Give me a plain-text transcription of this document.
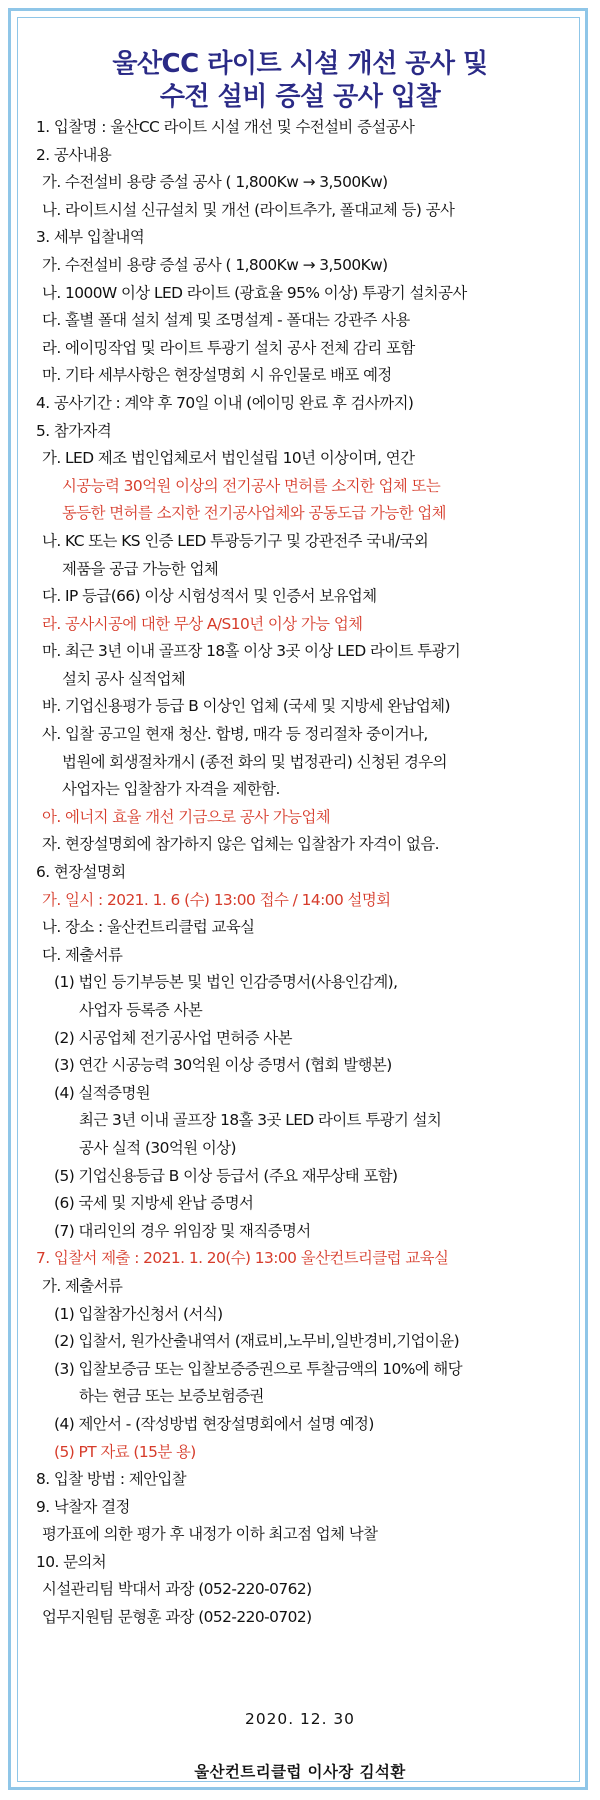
울산CC 라이트 시설 개선 공사 및
수전 설비 증설 공사 입찰
1. 입찰명 : 울산CC 라이트 시설 개선 및 수전설비 증설공사
2. 공사내용
가. 수전설비 용량 증설 공사 ( 1,800Kw → 3,500Kw)
나. 라이트시설 신규설치 및 개선 (라이트추가, 폴대교체 등) 공사
3. 세부 입찰내역
가. 수전설비 용량 증설 공사 ( 1,800Kw → 3,500Kw)
나. 1000W 이상 LED 라이트 (광효율 95% 이상) 투광기 설치공사
다. 홀별 폴대 설치 설계 및 조명설계 - 폴대는 강관주 사용
라. 에이밍작업 및 라이트 투광기 설치 공사 전체 감리 포함
마. 기타 세부사항은 현장설명회 시 유인물로 배포 예정
4. 공사기간 : 계약 후 70일 이내 (에이밍 완료 후 검사까지)
5. 참가자격
가. LED 제조 법인업체로서 법인설립 10년 이상이며, 연간
시공능력 30억원 이상의 전기공사 면허를 소지한 업체 또는
동등한 면허를 소지한 전기공사업체와 공동도급 가능한 업체
나. KC 또는 KS 인증 LED 투광등기구 및 강관전주 국내/국외
제품을 공급 가능한 업체
다. IP 등급(66) 이상 시험성적서 및 인증서 보유업체
라. 공사시공에 대한 무상 A/S10년 이상 가능 업체
마. 최근 3년 이내 골프장 18홀 이상 3곳 이상 LED 라이트 투광기
설치 공사 실적업체
바. 기업신용평가 등급 B 이상인 업체 (국세 및 지방세 완납업체)
사. 입찰 공고일 현재 청산. 합병, 매각 등 정리절차 중이거나,
법원에 회생절차개시 (종전 화의 및 법정관리) 신청된 경우의
사업자는 입찰참가 자격을 제한함.
아. 에너지 효율 개선 기금으로 공사 가능업체
자. 현장설명회에 참가하지 않은 업체는 입찰참가 자격이 없음.
6. 현장설명회
가. 일시 : 2021. 1. 6 (수) 13:00 접수 / 14:00 설명회
나. 장소 : 울산컨트리클럽 교육실
다. 제출서류
(1) 법인 등기부등본 및 법인 인감증명서(사용인감계),
사업자 등록증 사본
(2) 시공업체 전기공사업 면허증 사본
(3) 연간 시공능력 30억원 이상 증명서 (협회 발행본)
(4) 실적증명원
최근 3년 이내 골프장 18홀 3곳 LED 라이트 투광기 설치
공사 실적 (30억원 이상)
(5) 기업신용등급 B 이상 등급서 (주요 재무상태 포함)
(6) 국세 및 지방세 완납 증명서
(7) 대리인의 경우 위임장 및 재직증명서
7. 입찰서 제출 : 2021. 1. 20(수) 13:00 울산컨트리클럽 교육실
가. 제출서류
(1) 입찰참가신청서 (서식)
(2) 입찰서, 원가산출내역서 (재료비,노무비,일반경비,기업이윤)
(3) 입찰보증금 또는 입찰보증증권으로 투찰금액의 10%에 해당
하는 현금 또는 보증보험증권
(4) 제안서 - (작성방법 현장설명회에서 설명 예정)
(5) PT 자료 (15분 용)
8. 입찰 방법 : 제안입찰
9. 낙찰자 결정
평가표에 의한 평가 후 내정가 이하 최고점 업체 낙찰
10. 문의처
시설관리팀 박대서 과장 (052-220-0762)
업무지원팀 문형훈 과장 (052-220-0702)
2020. 12. 30
울산컨트리클럽 이사장 김석환
